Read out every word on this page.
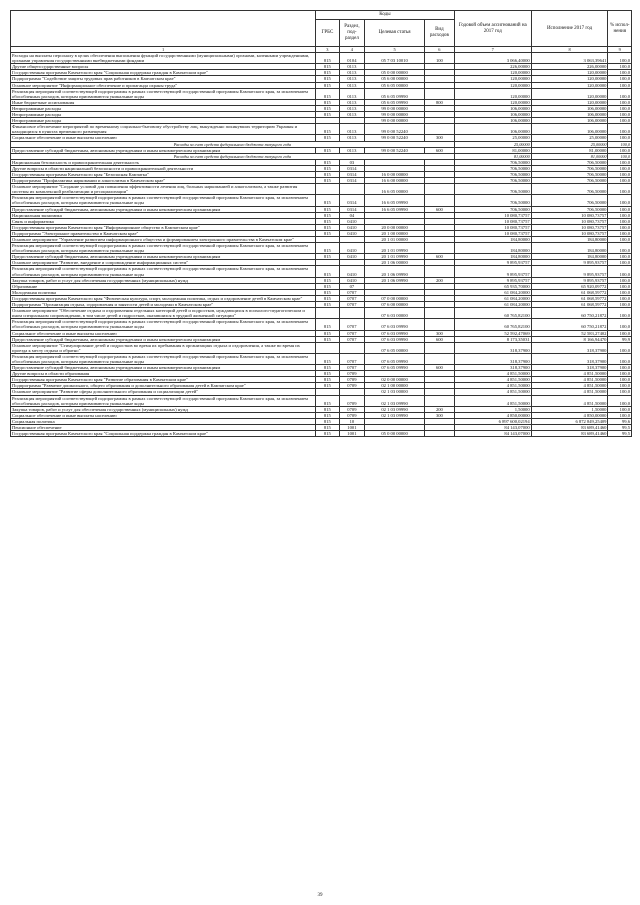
	Коды				Годовой объем ассигнований на 2017 год	Исполнение 2017 год	% испол-нения
	ГРБС	Раздел, под-раздел	Целевая статья	Вид расходов			
1	3	4	5	6	7	8	9
Расходы на выплаты персоналу в целях обеспечения выполнения функций государственными (муниципальными) органами, казенными учреждениями, органами управления государственными внебюджетными фондами	815	0104	05 7 03 10010	100	3 066,40000	3 063,39641	100,0
Другие общегосударственные вопросы	815	0113			226,00000	226,00000	100,0
Государственная программа Камчатского края "Социальная поддержка граждан в Камчатском крае"	815	0113	05 0 00 00000		120,00000	120,00000	100,0
Подпрограмма "Содействие защиты трудовых прав работников в Камчатском крае"	815	0113	05 6 00 00000		120,00000	120,00000	100,0
Основное мероприятие "Информационное обеспечение и пропаганда охраны труда"	815	0113	05 6 05 00000		120,00000	120,00000	100,0
Реализация мероприятий соответствующей подпрограммы в рамках соответствующей государственной программы Камчатского края, за исключением обособленных расходов, которым присваиваются уникальные коды	815	0113	05 6 05 09990		120,00000	120,00000	100,0
Иные бюджетные ассигнования	815	0113	05 6 05 09990	800	120,00000	120,00000	100,0
Непрограммные расходы	815	0113	99 0 00 00000		106,00000	106,00000	100,0
Непрограммные расходы	815	0113	99 0 00 00000		106,00000	106,00000	100,0
Непрограммные расходы			99 0 00 00000		106,00000	106,00000	100,0
Финансовое обеспечение мероприятий по временному социально-бытовому обустройству лиц, вынужденно покинувших территорию Украины и находящихся в пунктах временного размещения	815	0113	99 0 00 52240		106,00000	106,00000	100,0
Социальное обеспечение и иные выплаты населению	815	0113	99 0 00 52240	300	25,00000	25,00000	100,0
Расходы за счет средств федерального бюджета текущего года					25,00000	25,00000	100,0
Предоставление субсидий бюджетным, автономным учреждениям и иным некоммерческим организациям	815	0113	99 0 00 52240	600	81,00000	81,00000	100,0
Расходы за счет средств федерального бюджета текущего года					81,00000	81,00000	100,0
Национальная безопасность и правоохранительная деятельность	815	03			706,50000	706,50000	100,0
Другие вопросы в области национальной безопасности и правоохранительной деятельности	815	0314			706,50000	706,50000	100,0
Государственная программа Камчатского края "Безопасная Камчатка"	815	0314	16 0 00 00000		706,50000	706,50000	100,0
Подпрограмма "Профилактика наркомании и алкоголизма в Камчатском крае"	815	0314	16 6 00 00000		706,50000	706,50000	100,0
Основное мероприятие "Создание условий для повышения эффективности лечения лиц, больных наркоманией и алкоголизмом, а также развития системы их комплексной реабилитации и ресоциализации"			16 6 05 00000		706,50000	706,50000	100,0
Реализация мероприятий соответствующей подпрограммы в рамках соответствующей государственной программы Камчатского края, за исключением обособленных расходов, которым присваиваются уникальные коды	815	0314	16 6 05 09990		706,50000	706,50000	100,0
Предоставление субсидий бюджетным, автономным учреждениям и иным некоммерческим организациям	815	0314	16 6 05 09990	600	706,50000	706,50000	100,0
Национальная экономика	815	04			10 080,73757	10 080,73757	100,0
Связь и информатика	815	0410			10 080,73757	10 080,73757	100,0
Государственная программа Камчатского края "Информационное общество в Камчатском крае"	815	0410	20 0 00 00000		10 080,73757	10 080,73757	100,0
Подпрограмма "Электронное правительство в Камчатском крае"	815	0410	20 1 00 00000		10 080,73757	10 080,73757	100,0
Основное мероприятие "Управление развитием информационного общества и формированием электронного правительства в Камчатском крае"			20 1 01 00000		184,80000	184,80000	100,0
Реализация мероприятий соответствующей подпрограммы в рамках соответствующей государственной программы Камчатского края, за исключением обособленных расходов, которым присваиваются уникальные коды	815	0410	20 1 01 09990		184,80000	184,80000	100,0
Предоставление субсидий бюджетным, автономным учреждениям и иным некоммерческим организациям	815	0410	20 1 01 09990	600	184,80000	184,80000	100,0
Основное мероприятие "Развитие, внедрение и сопровождение информационных систем"			20 1 06 00000		9 895,93757	9 895,93757	100,0
Реализация мероприятий соответствующей подпрограммы в рамках соответствующей государственной программы Камчатского края, за исключением обособленных расходов, которым присваиваются уникальные коды	815	0410	20 1 06 09990		9 895,93757	9 895,93757	100,0
Закупка товаров, работ и услуг для обеспечения государственных (муниципальных) нужд	815	0410	20 1 06 09990	200	9 895,93757	9 895,93757	100,0
Образование	815	07			65 935,70000	65 920,09772	100,0
Молодежная политика	815	0707			61 084,20000	61 068,59772	100,0
Государственная программа Камчатского края "Физическая культура, спорт, молодежная политика, отдых и оздоровление детей в Камчатском крае"	815	0707	07 0 00 00000		61 084,20000	61 068,59772	100,0
Подпрограмма "Организация отдыха, оздоровления и занятости детей и молодежи в Камчатском крае"	815	0707	07 6 00 00000		61 084,20000	61 068,59772	100,0
Основное мероприятие "Обеспечение отдыха и оздоровления отдельных категорий детей и подростков, нуждающихся в психолого-педагогическом и ином специальном сопровождении, в том числе детей и подростков, оказавшихся в трудной жизненной ситуации"			07 6 03 00000		60 765,82100	60 750,21872	100,0
Реализация мероприятий соответствующей подпрограммы в рамках соответствующей государственной программы Камчатского края, за исключением обособленных расходов, которым присваиваются уникальные коды	815	0707	07 6 03 09990		60 765,82100	60 750,21872	100,0
Социальное обеспечение и иные выплаты населению	815	0707	07 6 03 09990	300	52 592,47069	52 583,27402	100,0
Предоставление субсидий бюджетным, автономным учреждениям и иным некоммерческим организациям	815	0707	07 6 03 09990	600	8 173,35031	8 166,94470	99,9
Основное мероприятие "Стимулирование детей и подростков во время их пребывания в организациях отдыха и оздоровления, а также во время их проезда к месту отдыха и обратно"			07 6 05 00000		318,37900	318,37900	100,0
Реализация мероприятий соответствующей подпрограммы в рамках соответствующей государственной программы Камчатского края, за исключением обособленных расходов, которым присваиваются уникальные коды	815	0707	07 6 05 09990		318,37900	318,37900	100,0
Предоставление субсидий бюджетным, автономным учреждениям и иным некоммерческим организациям	815	0707	07 6 05 09990	600	318,37900	318,37900	100,0
Другие вопросы в области образования	815	0709			4 851,50000	4 851,50000	100,0
Государственная программа Камчатского края "Развитие образования в Камчатском крае"	815	0709	02 0 00 00000		4 851,50000	4 851,50000	100,0
Подпрограмма "Развитие дошкольного, общего образования и дополнительного образования детей в Камчатском крае"	815	0709	02 1 00 00000		4 851,50000	4 851,50000	100,0
Основное мероприятие "Развитие сферы дополнительного образования и социализации детей"			02 1 03 00000		4 851,50000	4 851,50000	100,0
Реализация мероприятий соответствующей подпрограммы в рамках соответствующей государственной программы Камчатского края, за исключением обособленных расходов, которым присваиваются уникальные коды	815	0709	02 1 03 09990		4 851,50000	4 851,50000	100,0
Закупка товаров, работ и услуг для обеспечения государственных (муниципальных) нужд	815	0709	02 1 03 09990	200	1,50000	1,50000	100,0
Социальное обеспечение и иные выплаты населению	815	0709	02 1 03 09990	300	4 850,00000	4 850,00000	100,0
Социальная политика	815	10			6 897 600,02194	6 872 849,25409	99,6
Пенсионное обеспечение	815	1001			84 143,07000	83 689,41460	99,5
Государственная программа Камчатского края "Социальная поддержка граждан в Камчатском крае"	815	1001	05 0 00 00000		84 143,07000	83 689,41460	99,5
39
